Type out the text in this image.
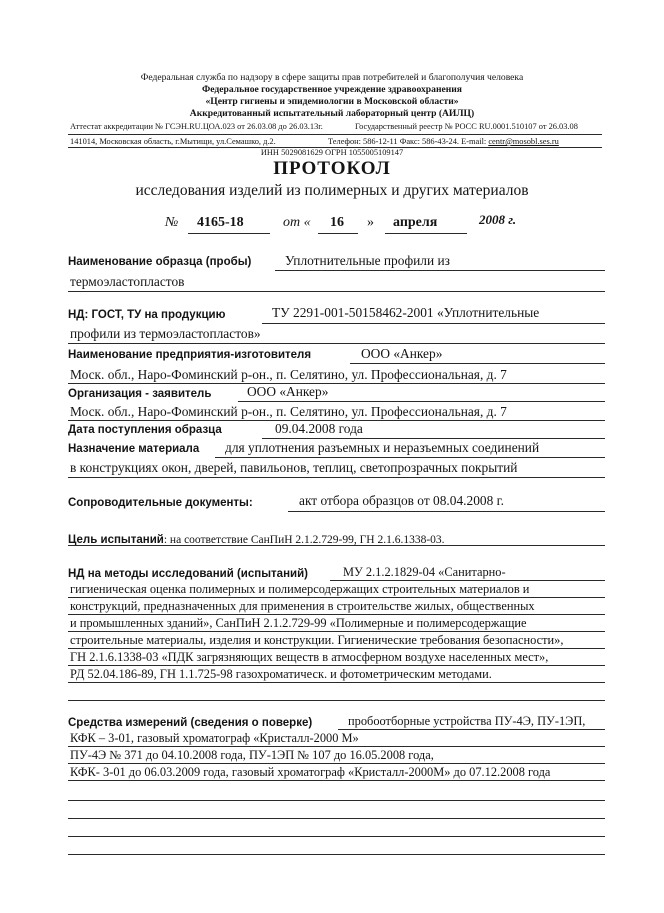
Федеральная служба по надзору в сфере защиты прав потребителей и благополучия человека
Федеральное государственное учреждение здравоохранения
«Центр гигиены и эпидемиологии в Московской области»
Аккредитованный испытательный лабораторный центр (АИЛЦ)
Аттестат аккредитации № ГСЭН.RU.ЦОА.023 от 26.03.08 до 26.03.13г.	Государственный реестр № РОСС RU.0001.510107 от 26.03.08
141014, Московская область, г.Мытищи, ул.Семашко, д.2.	Телефон: 586-12-11 Факс: 586-43-24. E-mail: centr@mosobl.ses.ru
ИНН 5029081629 ОГРН 1055005109147
ПРОТОКОЛ
исследования изделий из полимерных и других материалов
№ 4165-18	от « 16 » апреля	2008 г.
Наименование образца (пробы)	Уплотнительные профили из
термоэластопластов
НД: ГОСТ, ТУ на продукцию	ТУ 2291-001-50158462-2001 «Уплотнительные
профили из термоэластопластов»
Наименование предприятия-изготовителя	ООО «Анкер»
Моск. обл., Наро-Фоминский р-он., п. Селятино, ул. Профессиональная, д. 7
Организация - заявитель	ООО «Анкер»
Моск. обл., Наро-Фоминский р-он., п. Селятино, ул. Профессиональная, д. 7
Дата поступления образца	09.04.2008 года
Назначение материала для уплотнения разъемных и неразъемных соединений
в конструкциях окон, дверей, павильонов, теплиц, светопрозрачных покрытий
Сопроводительные документы:	акт отбора образцов от 08.04.2008 г.
Цель испытаний: на соответствие СанПиН 2.1.2.729-99, ГН 2.1.6.1338-03.
НД на методы исследований (испытаний)	МУ 2.1.2.1829-04 «Санитарно-
гигиеническая оценка полимерных и полимерсодержащих строительных материалов и
конструкций, предназначенных для применения в строительстве жилых, общественных
и промышленных зданий», СанПиН 2.1.2.729-99 «Полимерные и полимерсодержащие
строительные материалы, изделия и конструкции. Гигиенические требования безопасности»,
ГН 2.1.6.1338-03 «ПДК загрязняющих веществ в атмосферном воздухе населенных мест»,
РД 52.04.186-89, ГН 1.1.725-98 газохроматическ. и фотометрическим методами.
Средства измерений (сведения о поверке)	пробоотборные устройства ПУ-4Э, ПУ-1ЭП,
КФК – 3-01, газовый хроматограф «Кристалл-2000 М»
ПУ-4Э № 371 до 04.10.2008 года, ПУ-1ЭП № 107 до 16.05.2008 года,
КФК- 3-01 до 06.03.2009 года, газовый хроматограф «Кристалл-2000М» до 07.12.2008 года
